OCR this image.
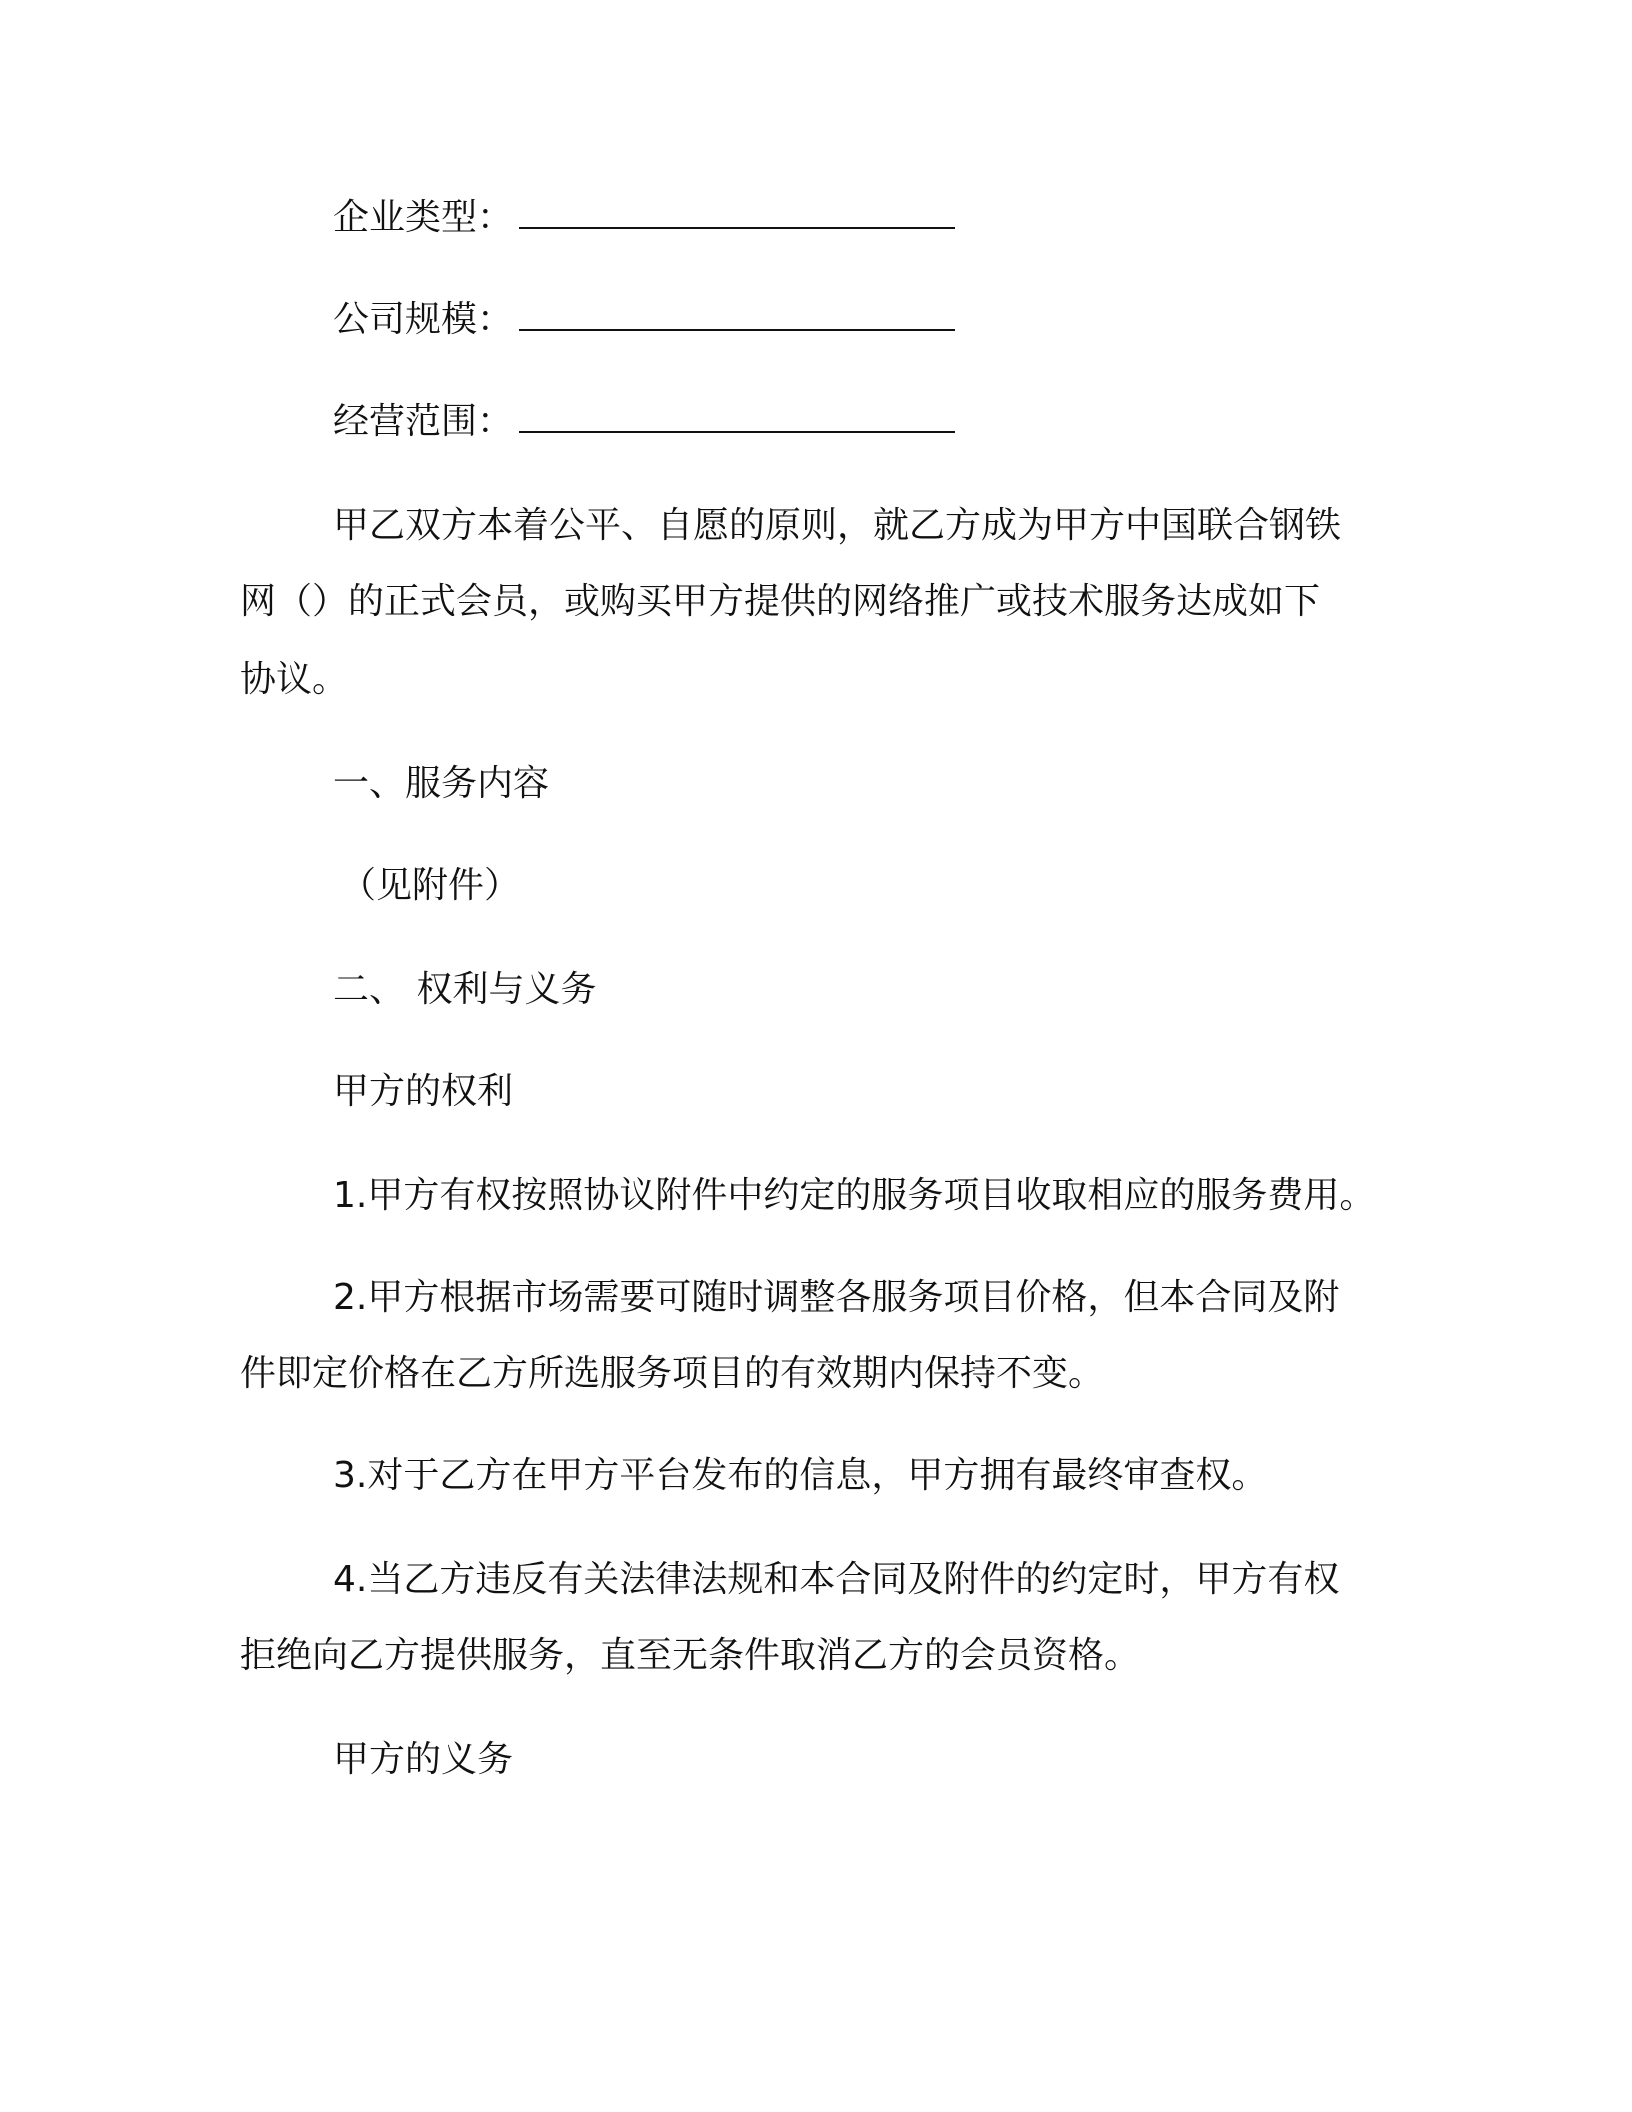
企业类型：
公司规模：
经营范围：
甲乙双方本着公平、自愿的原则，就乙方成为甲方中国联合钢铁
网（）的正式会员，或购买甲方提供的网络推广或技术服务达成如下
协议。
一、服务内容
（见附件）
二、 权利与义务
甲方的权利
1.甲方有权按照协议附件中约定的服务项目收取相应的服务费用。
2.甲方根据市场需要可随时调整各服务项目价格，但本合同及附
件即定价格在乙方所选服务项目的有效期内保持不变。
3.对于乙方在甲方平台发布的信息，甲方拥有最终审查权。
4.当乙方违反有关法律法规和本合同及附件的约定时，甲方有权
拒绝向乙方提供服务，直至无条件取消乙方的会员资格。
甲方的义务
